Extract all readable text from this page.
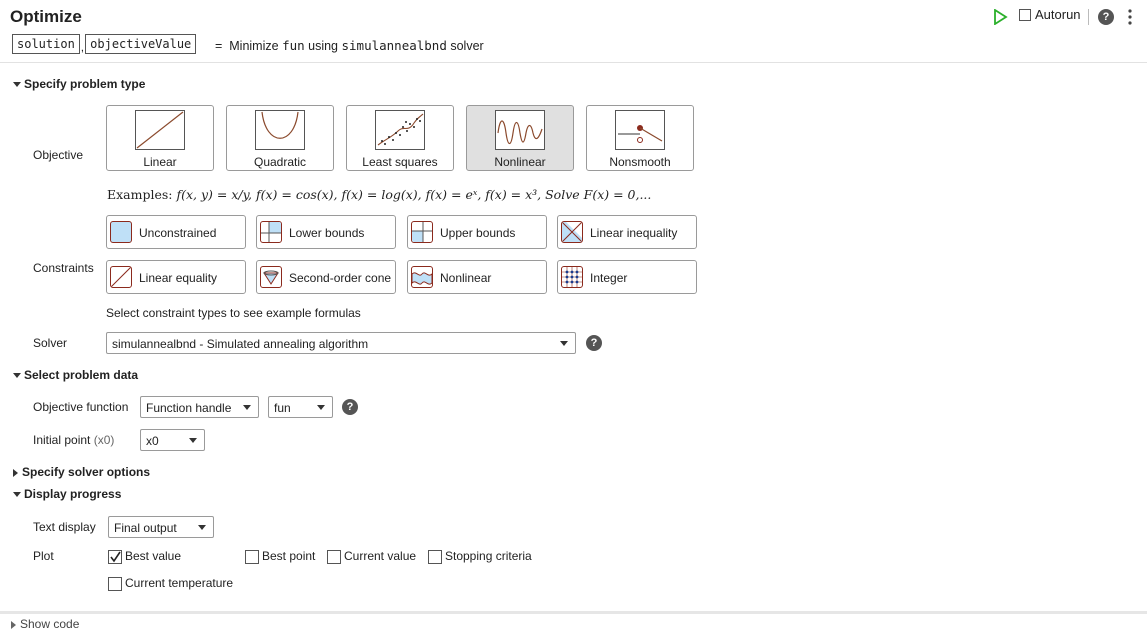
Optimize	Autorun	?
solution , objectiveValue	= Minimize fun using simulannealbnd solver
Specify problem type
Objective	Linear	Quadratic	Least squares	Nonlinear	Nonsmooth
Examples: f(x, y) = x/y, f(x) = cos(x), f(x) = log(x), f(x) = eˣ, f(x) = x³, Solve F(x) = 0,...
Constraints
Unconstrained	Lower bounds	Upper bounds	Linear inequality
Linear equality	Second-order cone	Nonlinear	Integer
Select constraint types to see example formulas
Solver	simulannealbnd - Simulated annealing algorithm	?
Select problem data
Objective function Function handle	fun	?
Initial point (x0)	x0
Specify solver options
Display progress
Text display Final output
Plot	Best value	Best point Current value Stopping criteria
Current temperature
Show code
